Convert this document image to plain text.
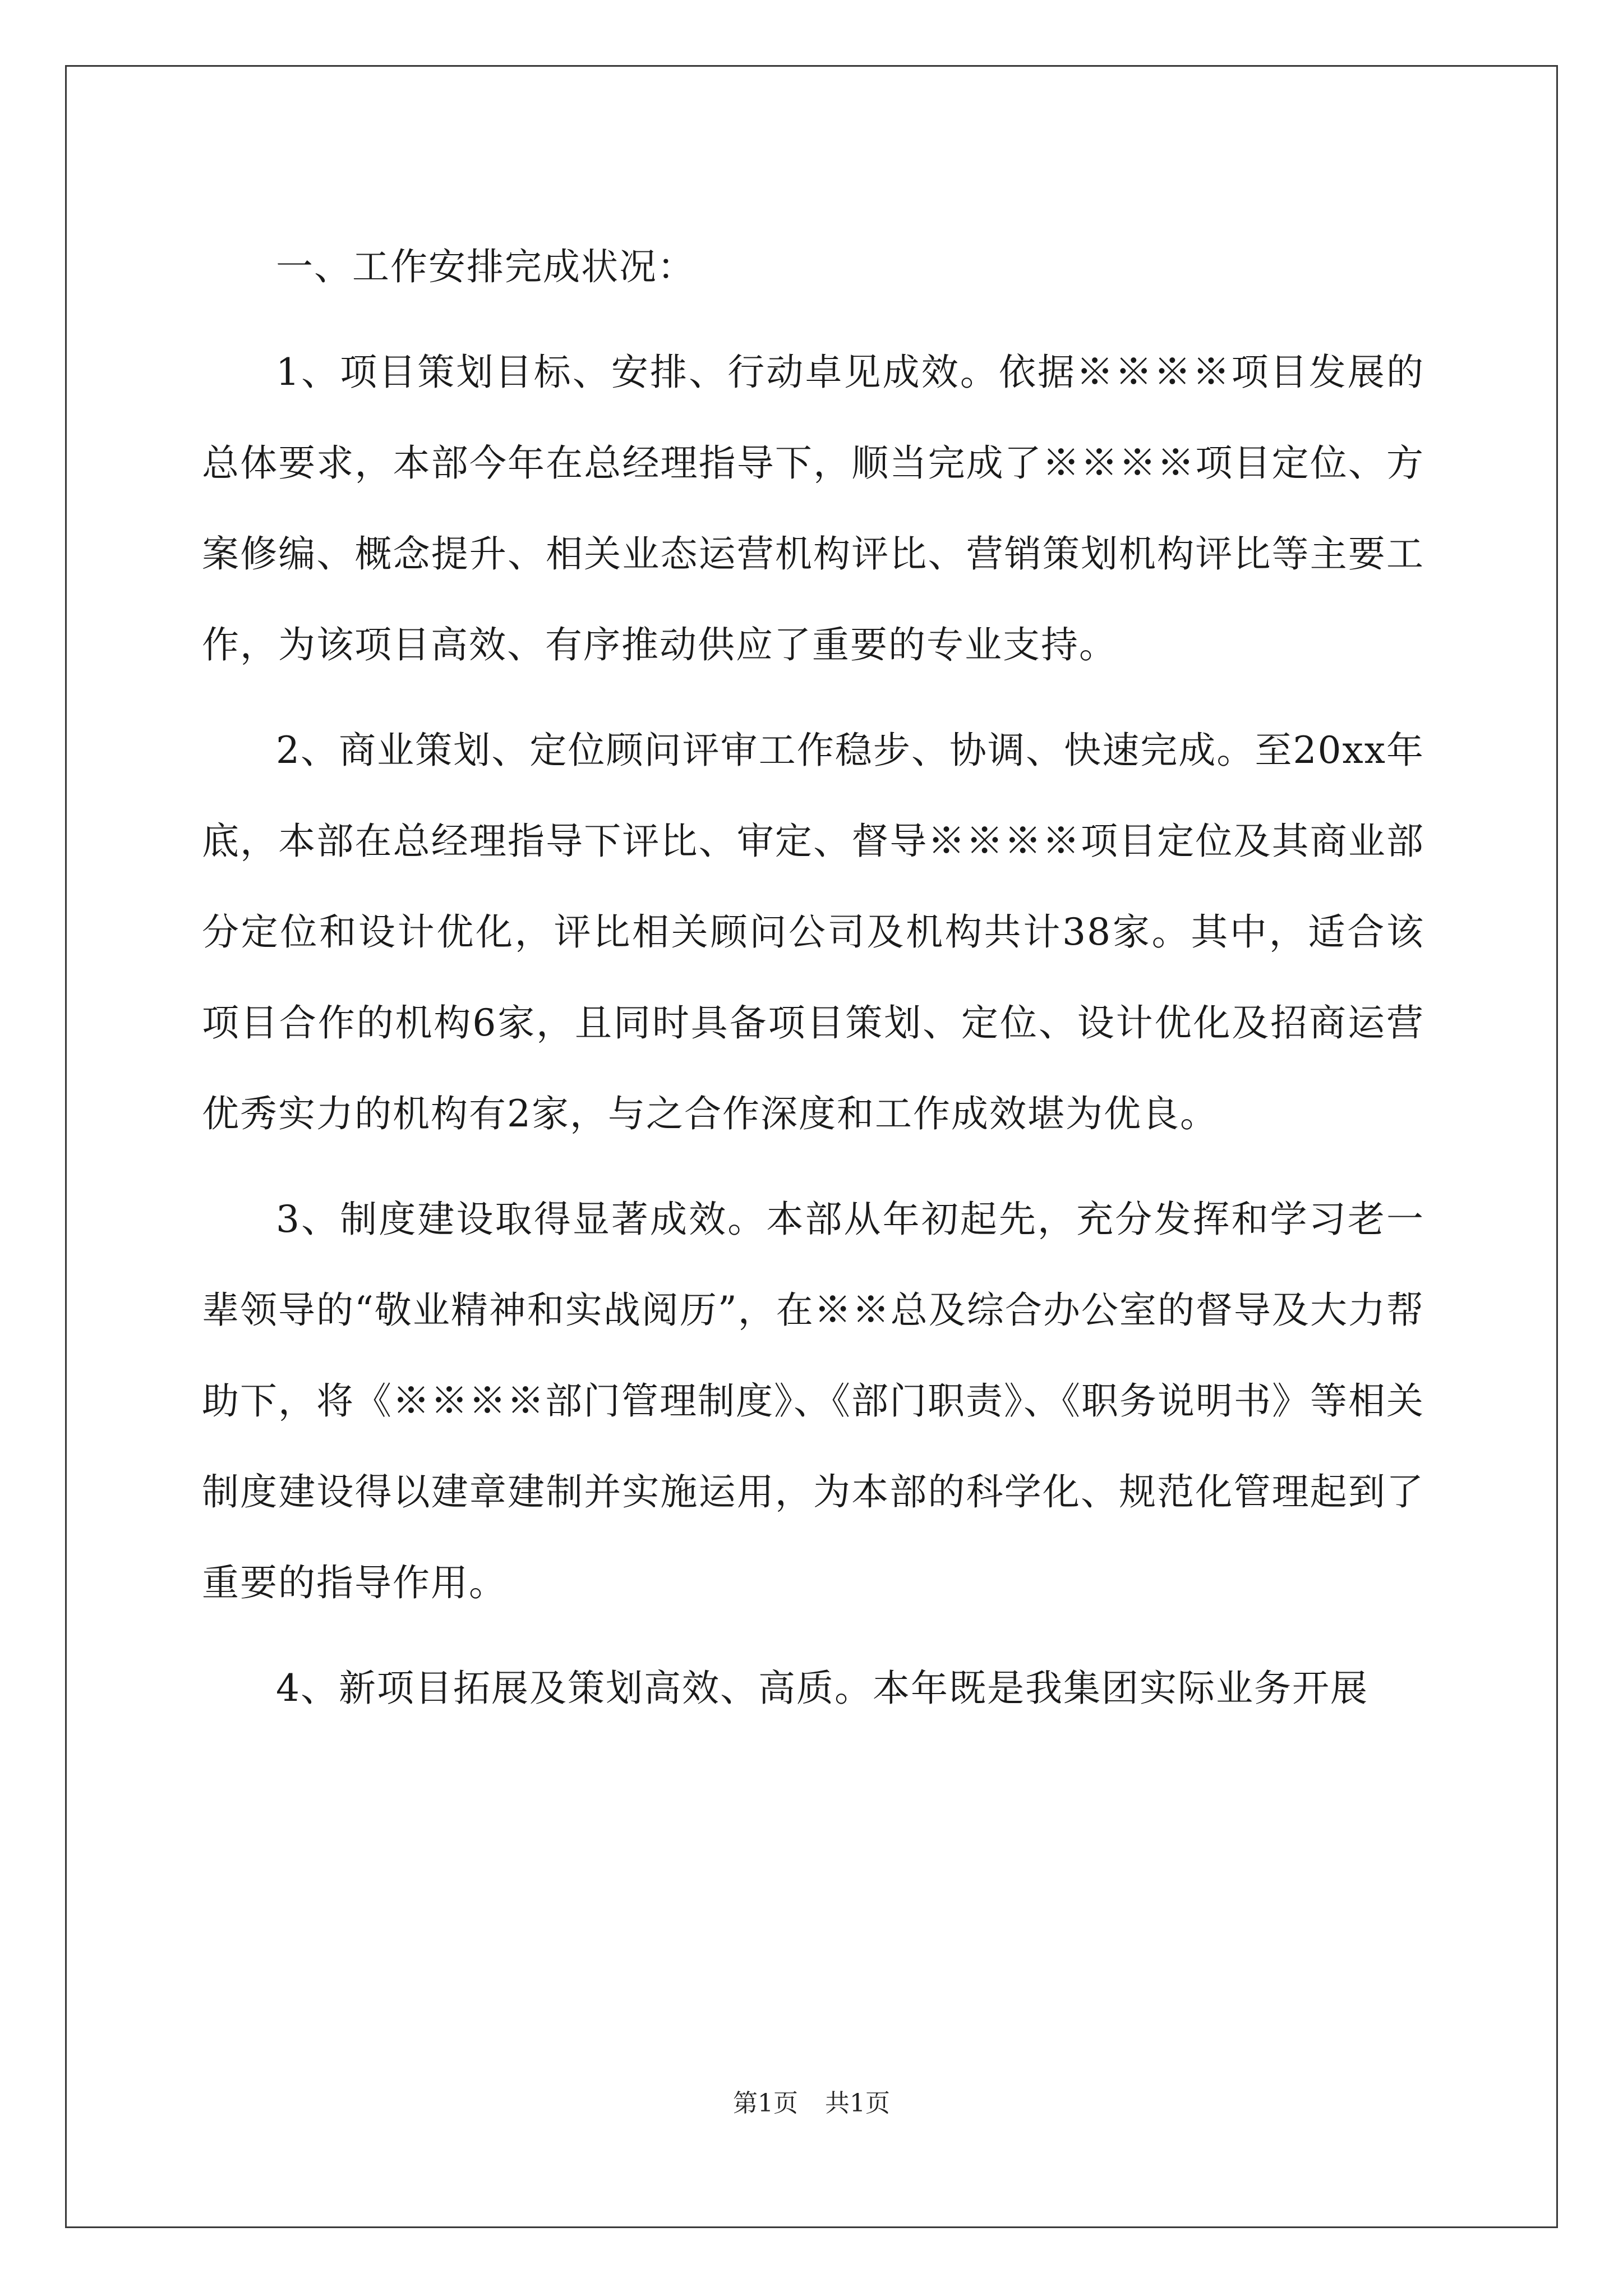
一、工作安排完成状况：

1、项目策划目标、安排、行动卓见成效。依据※※※※项目发展的总体要求，本部今年在总经理指导下，顺当完成了※※※※项目定位、方案修编、概念提升、相关业态运营机构评比、营销策划机构评比等主要工作，为该项目高效、有序推动供应了重要的专业支持。

2、商业策划、定位顾问评审工作稳步、协调、快速完成。至20xx年底，本部在总经理指导下评比、审定、督导※※※※项目定位及其商业部分定位和设计优化，评比相关顾问公司及机构共计38家。其中，适合该项目合作的机构6家，且同时具备项目策划、定位、设计优化及招商运营优秀实力的机构有2家，与之合作深度和工作成效堪为优良。

3、制度建设取得显著成效。本部从年初起先，充分发挥和学习老一辈领导的“敬业精神和实战阅历”，在※※总及综合办公室的督导及大力帮助下，将《※※※※部门管理制度》、《部门职责》、《职务说明书》等相关制度建设得以建章建制并实施运用，为本部的科学化、规范化管理起到了重要的指导作用。

4、新项目拓展及策划高效、高质。本年既是我集团实际业务开展

第1页 共1页
